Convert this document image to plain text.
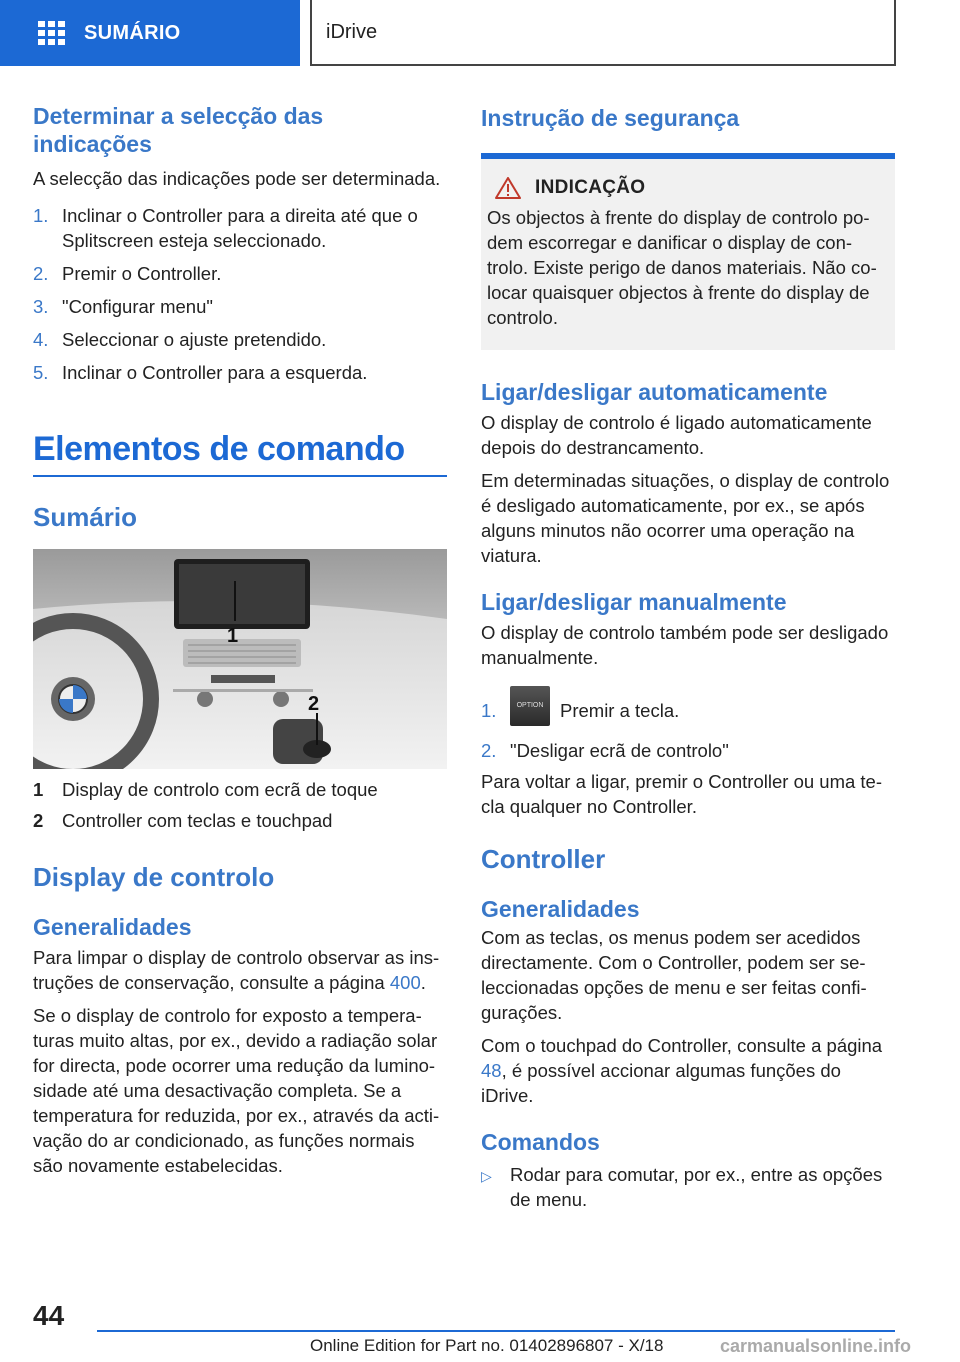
SUMÁRIO	iDrive
Determinar a selecção das indicações

A selecção das indicações pode ser determinada.

1. Inclinar o Controller para a direita até que o Splitscreen esteja seleccionado.
2. Premir o Controller.
3. "Configurar menu"
4. Seleccionar o ajuste pretendido.
5. Inclinar o Controller para a esquerda.
Elementos de comando
Sumário
1
2
1	Display de controlo com ecrã de toque
2	Controller com teclas e touchpad
Display de controlo
Generalidades

Para limpar o display de controlo observar as instruções de conservação, consulte a página 400.

Se o display de controlo for exposto a temperaturas muito altas, por ex., devido a radiação solar for directa, pode ocorrer uma redução da luminosidade até uma desactivação completa. Se a temperatura for reduzida, por ex., através da activação do ar condicionado, as funções normais são novamente estabelecidas.

Instrução de segurança
INDICAÇÃO

Os objectos à frente do display de controlo podem escorregar e danificar o display de controlo. Existe perigo de danos materiais. Não colocar quaisquer objectos à frente do display de controlo.

Ligar/desligar automaticamente

O display de controlo é ligado automaticamente depois do destrancamento.

Em determinadas situações, o display de controlo é desligado automaticamente, por ex., se após alguns minutos não ocorrer uma operação na viatura.

Ligar/desligar manualmente

O display de controlo também pode ser desligado manualmente.

1.	OPTION Premir a tecla.
2. "Desligar ecrã de controlo"

Para voltar a ligar, premir o Controller ou uma tecla qualquer no Controller.

Controller
Generalidades

Com as teclas, os menus podem ser acedidos directamente. Com o Controller, podem ser seleccionadas opções de menu e ser feitas configurações.

Com o touchpad do Controller, consulte a página 48, é possível accionar algumas funções do iDrive.

Comandos
▷ Rodar para comutar, por ex., entre as opções de menu.
44
Online Edition for Part no. 01402896807 - X/18	carmanualsonline.info
